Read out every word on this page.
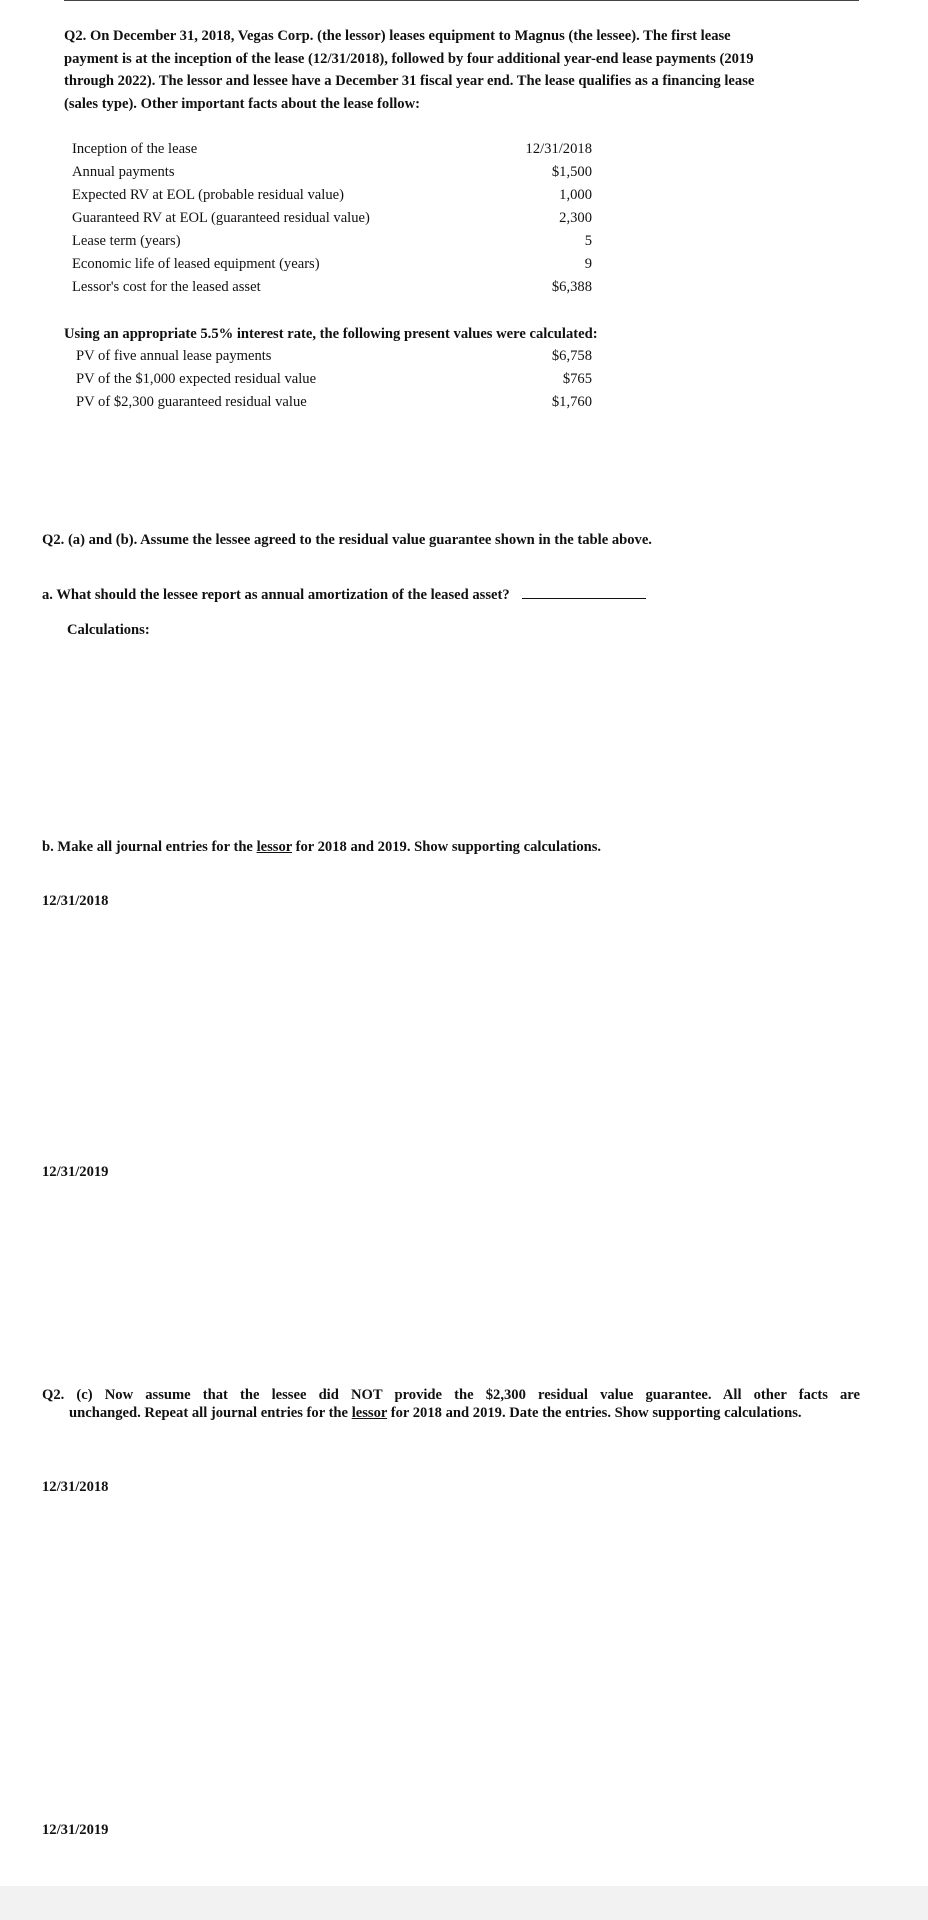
Q2. On December 31, 2018, Vegas Corp. (the lessor) leases equipment to Magnus (the lessee). The first lease payment is at the inception of the lease (12/31/2018), followed by four additional year-end lease payments (2019 through 2022). The lessor and lessee have a December 31 fiscal year end. The lease qualifies as a financing lease (sales type). Other important facts about the lease follow:
Inception of the lease	12/31/2018
Annual payments	$1,500
Expected RV at EOL (probable residual value)	1,000
Guaranteed RV at EOL (guaranteed residual value)	2,300
Lease term (years)	5
Economic life of leased equipment (years)	9
Lessor's cost for the leased asset	$6,388
Using an appropriate 5.5% interest rate, the following present values were calculated:
PV of five annual lease payments	$6,758
PV of the $1,000 expected residual value	$765
PV of $2,300 guaranteed residual value	$1,760
Q2. (a) and (b). Assume the lessee agreed to the residual value guarantee shown in the table above.
a. What should the lessee report as annual amortization of the leased asset?
Calculations:
b. Make all journal entries for the lessor for 2018 and 2019. Show supporting calculations.
12/31/2018
12/31/2019
Q2. (c) Now assume that the lessee did NOT provide the $2,300 residual value guarantee. All other facts are
unchanged. Repeat all journal entries for the lessor for 2018 and 2019. Date the entries. Show supporting calculations.
12/31/2018
12/31/2019
